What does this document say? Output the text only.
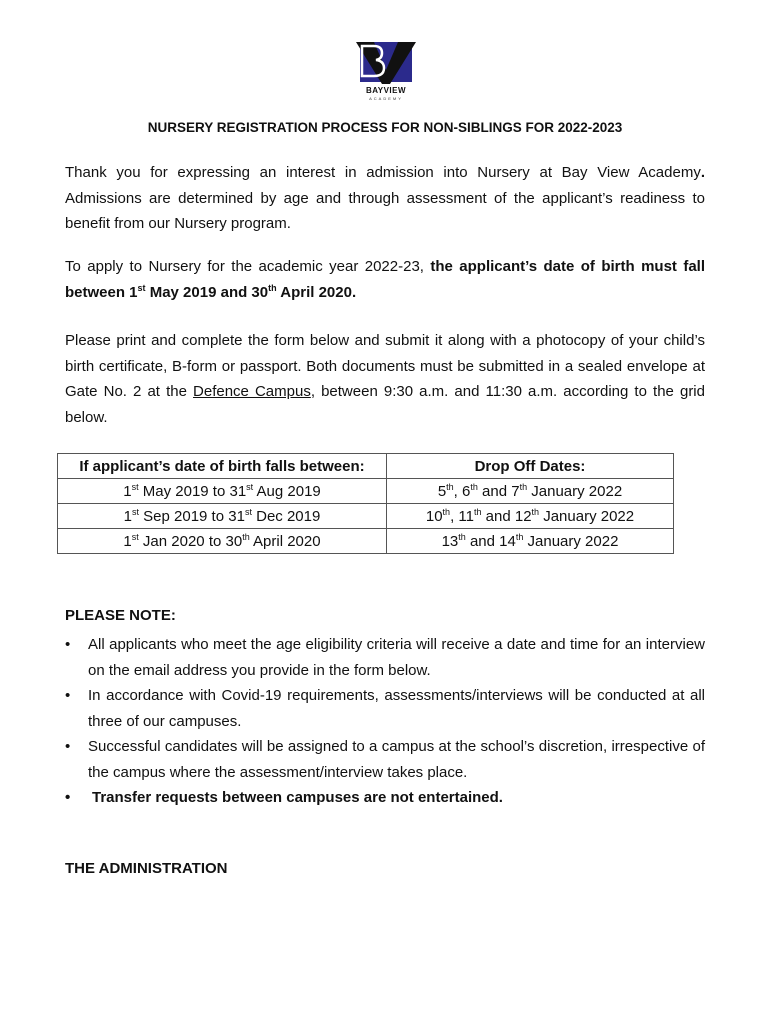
BAYVIEW
ACADEMY
NURSERY REGISTRATION PROCESS FOR NON-SIBLINGS FOR 2022-2023
Thank you for expressing an interest in admission into Nursery at Bay View Academy. Admissions are determined by age and through assessment of the applicant’s readiness to benefit from our Nursery program.
To apply to Nursery for the academic year 2022-23, the applicant’s date of birth must fall between 1st May 2019 and 30th April 2020.
Please print and complete the form below and submit it along with a photocopy of your child’s birth certificate, B-form or passport. Both documents must be submitted in a sealed envelope at Gate No. 2 at the Defence Campus, between 9:30 a.m. and 11:30 a.m. according to the grid below.
If applicant’s date of birth falls between:	Drop Off Dates:
1st May 2019 to 31st Aug 2019	5th, 6th and 7th January 2022
1st Sep 2019 to 31st Dec 2019	10th, 11th and 12th January 2022
1st Jan 2020 to 30th April 2020	13th and 14th January 2022
PLEASE NOTE:
• All applicants who meet the age eligibility criteria will receive a date and time for an interview on the email address you provide in the form below.
• In accordance with Covid-19 requirements, assessments/interviews will be conducted at all three of our campuses.
• Successful candidates will be assigned to a campus at the school’s discretion, irrespective of the campus where the assessment/interview takes place.
• Transfer requests between campuses are not entertained.
THE ADMINISTRATION
